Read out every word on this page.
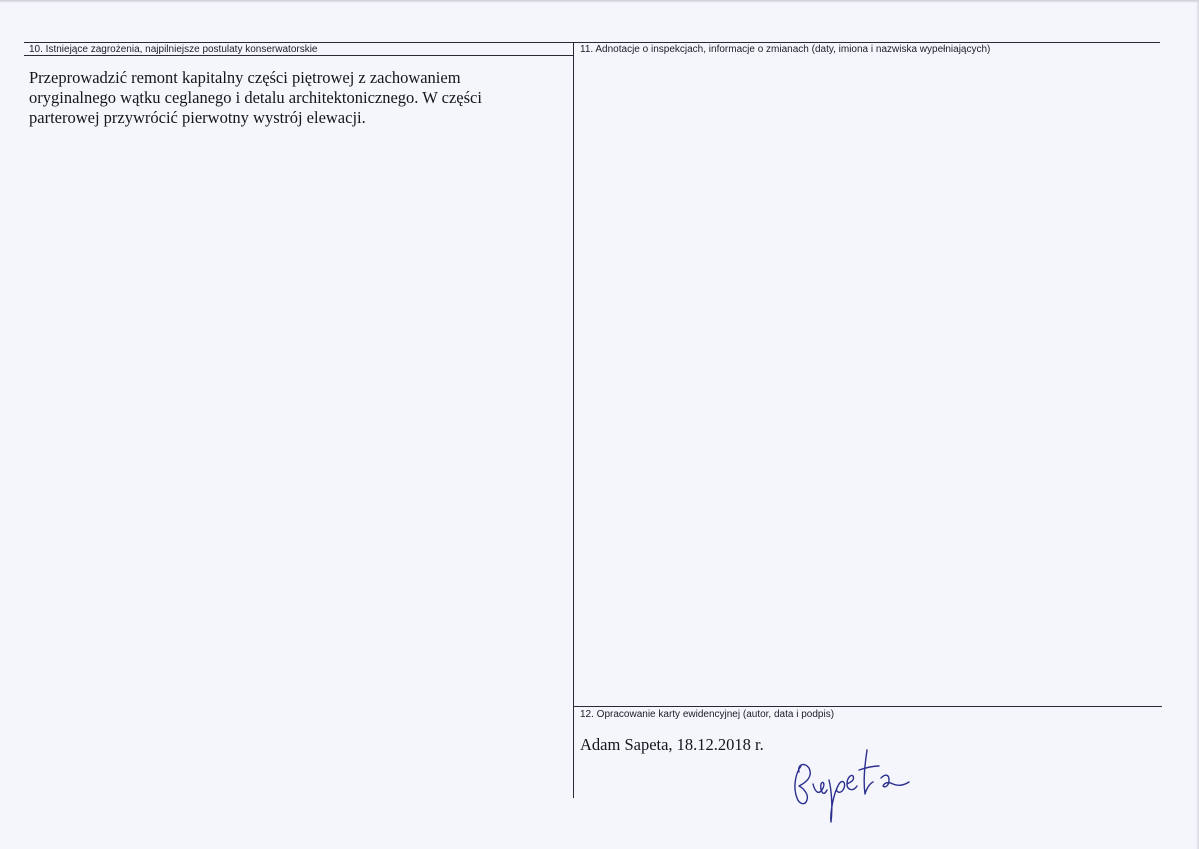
10. Istniejące zagrożenia, najpilniejsze postulaty konserwatorskie
Przeprowadzić remont kapitalny części piętrowej z zachowaniem oryginalnego wątku ceglanego i detalu architektonicznego. W części parterowej przywrócić pierwotny wystrój elewacji.
11. Adnotacje o inspekcjach, informacje o zmianach (daty, imiona i nazwiska wypełniających)
12. Opracowanie karty ewidencyjnej (autor, data i podpis)
Adam Sapeta, 18.12.2018 r.
